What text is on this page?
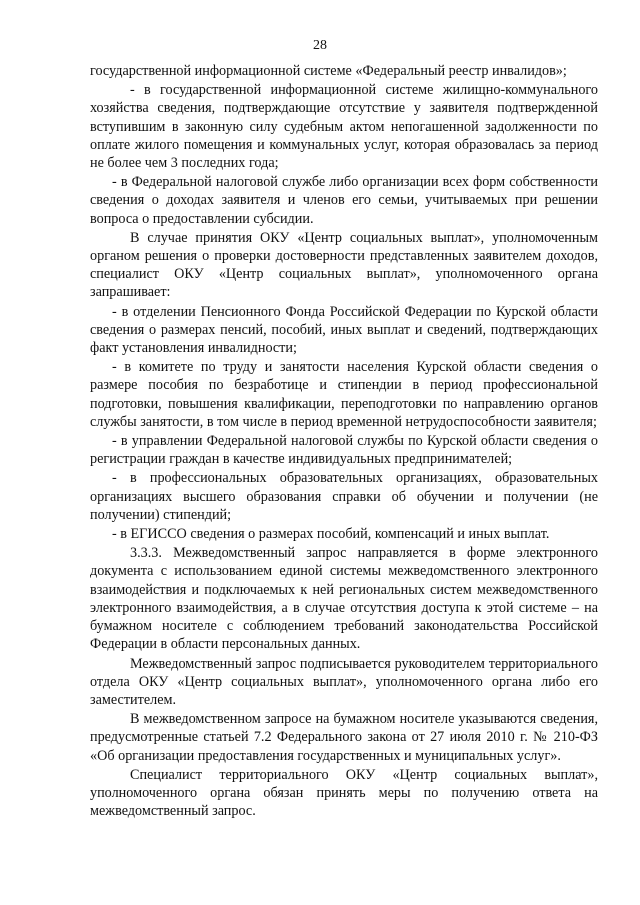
28

государственной информационной системе «Федеральный реестр инвалидов»;

- в государственной информационной системе жилищно-коммунального хозяйства сведения, подтверждающие отсутствие у заявителя подтвержденной вступившим в законную силу судебным актом непогашенной задолженности по оплате жилого помещения и коммунальных услуг, которая образовалась за период не более чем 3 последних года;

- в Федеральной налоговой службе либо организации всех форм собственности сведения о доходах заявителя и членов его семьи, учитываемых при решении вопроса о предоставлении субсидии.

В случае принятия ОКУ «Центр социальных выплат», уполномоченным органом решения о проверки достоверности представленных заявителем доходов, специалист ОКУ «Центр социальных выплат», уполномоченного органа запрашивает:

- в отделении Пенсионного Фонда Российской Федерации по Курской области сведения о размерах пенсий, пособий, иных выплат и сведений, подтверждающих факт установления инвалидности;

- в комитете по труду и занятости населения Курской области сведения о размере пособия по безработице и стипендии в период профессиональной подготовки, повышения квалификации, переподготовки по направлению органов службы занятости, в том числе в период временной нетрудоспособности заявителя;

- в управлении Федеральной налоговой службы по Курской области сведения о регистрации граждан в качестве индивидуальных предпринимателей;

- в профессиональных образовательных организациях, образовательных организациях высшего образования справки об обучении и получении (не получении) стипендий;

- в ЕГИССО сведения о размерах пособий, компенсаций и иных выплат.

3.3.3. Межведомственный запрос направляется в форме электронного документа с использованием единой системы межведомственного электронного взаимодействия и подключаемых к ней региональных систем межведомственного электронного взаимодействия, а в случае отсутствия доступа к этой системе – на бумажном носителе с соблюдением требований законодательства Российской Федерации в области персональных данных.

Межведомственный запрос подписывается руководителем территориального отдела ОКУ «Центр социальных выплат», уполномоченного органа либо его заместителем.

В межведомственном запросе на бумажном носителе указываются сведения, предусмотренные статьей 7.2 Федерального закона от 27 июля 2010 г. № 210-ФЗ «Об организации предоставления государственных и муниципальных услуг».

Специалист территориального ОКУ «Центр социальных выплат», уполномоченного органа обязан принять меры по получению ответа на межведомственный запрос.
